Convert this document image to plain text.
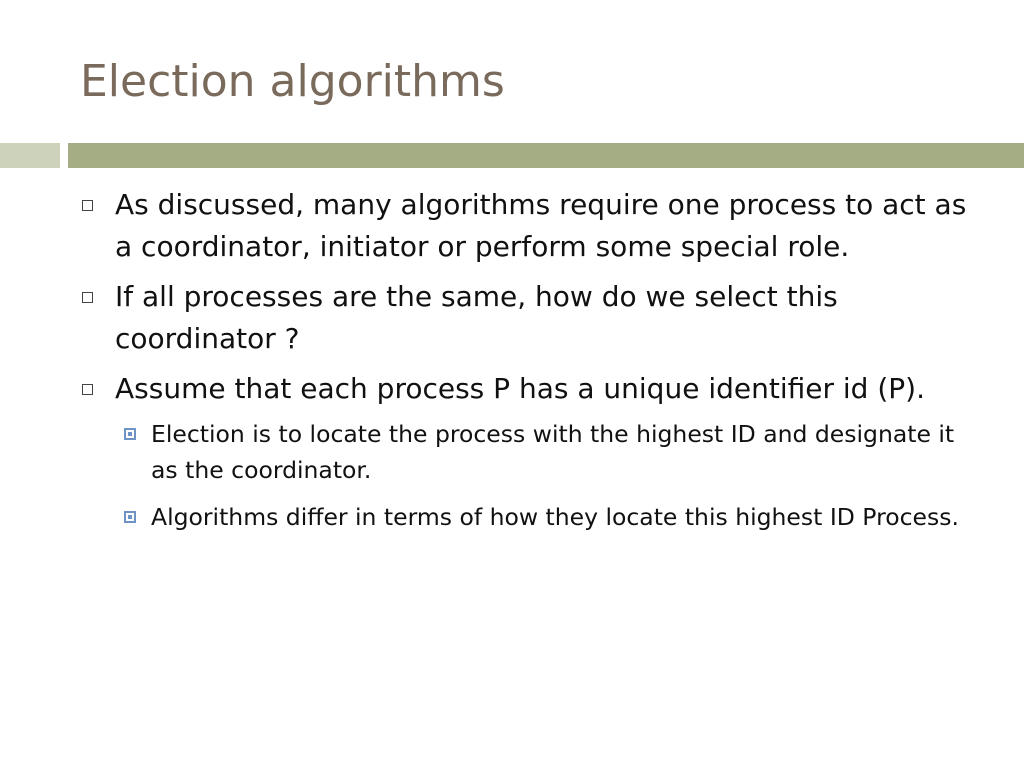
Election algorithms
As discussed, many algorithms require one process to act as a coordinator, initiator or perform some special role.
If all processes are the same, how do we select this coordinator ?
Assume that each process P has a unique identifier id (P).
Election is to locate the process with the highest ID and designate it as the coordinator.
Algorithms differ in terms of how they locate this highest ID Process.
